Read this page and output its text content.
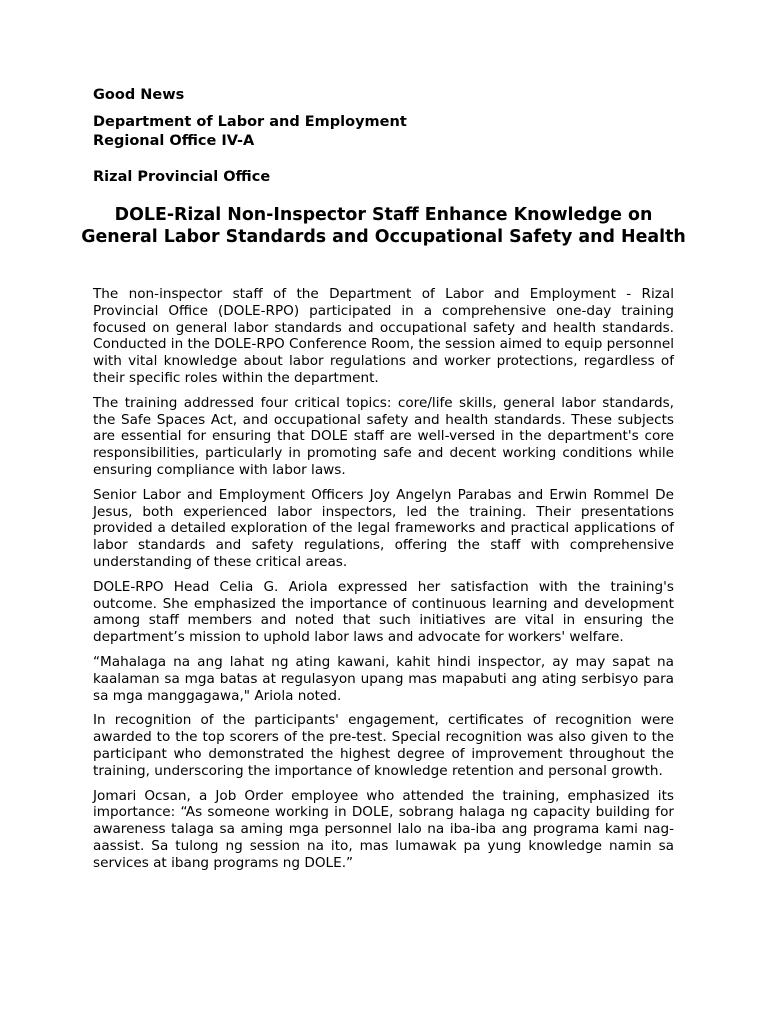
Good News

Department of Labor and Employment

Regional Office IV-A

Rizal Provincial Office

DOLE-Rizal Non-Inspector Staff Enhance Knowledge on General Labor Standards and Occupational Safety and Health

The non-inspector staff of the Department of Labor and Employment - Rizal Provincial Office (DOLE-RPO) participated in a comprehensive one-day training focused on general labor standards and occupational safety and health standards. Conducted in the DOLE-RPO Conference Room, the session aimed to equip personnel with vital knowledge about labor regulations and worker protections, regardless of their specific roles within the department.

The training addressed four critical topics: core/life skills, general labor standards, the Safe Spaces Act, and occupational safety and health standards. These subjects are essential for ensuring that DOLE staff are well-versed in the department's core responsibilities, particularly in promoting safe and decent working conditions while ensuring compliance with labor laws.

Senior Labor and Employment Officers Joy Angelyn Parabas and Erwin Rommel De Jesus, both experienced labor inspectors, led the training. Their presentations provided a detailed exploration of the legal frameworks and practical applications of labor standards and safety regulations, offering the staff with comprehensive understanding of these critical areas.

DOLE-RPO Head Celia G. Ariola expressed her satisfaction with the training's outcome. She emphasized the importance of continuous learning and development among staff members and noted that such initiatives are vital in ensuring the department’s mission to uphold labor laws and advocate for workers' welfare.

“Mahalaga na ang lahat ng ating kawani, kahit hindi inspector, ay may sapat na kaalaman sa mga batas at regulasyon upang mas mapabuti ang ating serbisyo para sa mga manggagawa," Ariola noted.

In recognition of the participants' engagement, certificates of recognition were awarded to the top scorers of the pre-test. Special recognition was also given to the participant who demonstrated the highest degree of improvement throughout the training, underscoring the importance of knowledge retention and personal growth.

Jomari Ocsan, a Job Order employee who attended the training, emphasized its importance: “As someone working in DOLE, sobrang halaga ng capacity building for awareness talaga sa aming mga personnel lalo na iba-iba ang programa kami nag-aassist. Sa tulong ng session na ito, mas lumawak pa yung knowledge namin sa services at ibang programs ng DOLE.”
